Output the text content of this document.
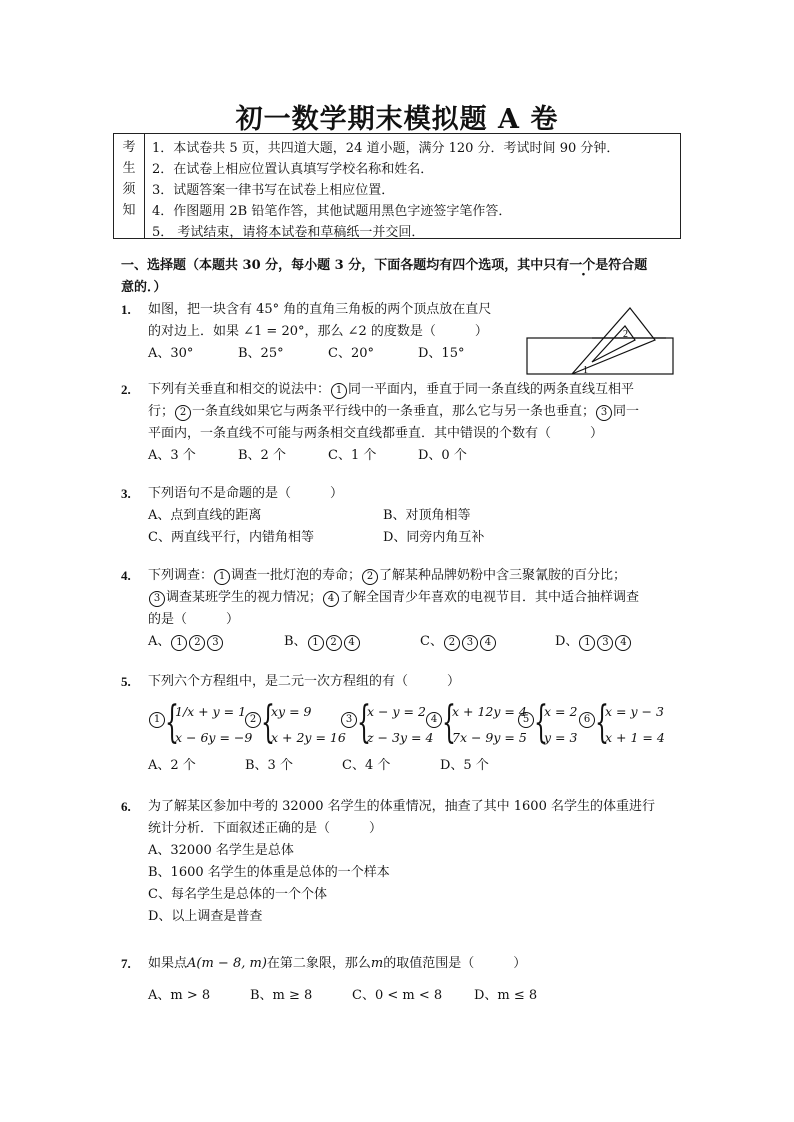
初一数学期末模拟题 A 卷
考
生
须
知
1．本试卷共 5 页，共四道大题，24 道小题，满分 120 分．考试时间 90 分钟．
2．在试卷上相应位置认真填写学校名称和姓名．
3．试题答案一律书写在试卷上相应位置．
4．作图题用 2B 铅笔作答，其他试题用黑色字迹签字笔作答．
5． 考试结束，请将本试卷和草稿纸一并交回．
一、选择题（本题共 30 分，每小题 3 分，下面各题均有四个选项，其中只有一个是符合题
意的．）
1. 如图，把一块含有 45° 角的直角三角板的两个顶点放在直尺
的对边上．如果 ∠1 = 20°，那么 ∠2 的度数是（　　　）
A、30°	B、25°	C、20°	D、15°
2
1
2. 下列有关垂直和相交的说法中： 1 同一平面内，垂直于同一条直线的两条直线互相平
行； 2 一条直线如果它与两条平行线中的一条垂直，那么它与另一条也垂直； 3 同一
平面内，一条直线不可能与两条相交直线都垂直．其中错误的个数有（　　　）
A、3 个	B、2 个	C、1 个	D、0 个
3. 下列语句不是命题的是（　　　）
A、点到直线的距离	B、对顶角相等
C、两直线平行，内错角相等	D、同旁内角互补
4. 下列调查： 1 调查一批灯泡的寿命； 2 了解某种品牌奶粉中含三聚氰胺的百分比；
3 调查某班学生的视力情况； 4 了解全国青少年喜欢的电视节目．其中适合抽样调查
的是（　　　）
A、 1 2 3	B、 1 2 4	C、 2 3 4	D、 1 3 4
5. 下列六个方程组中，是二元一次方程组的有（　　　）
1 {
1/x + y = 1
x − 6y = −9
2 {
xy = 9
x + 2y = 16
3 {
x − y = 2
z − 3y = 4
4 {
x + 12y = 4
7x − 9y = 5
5 {
x = 2
y = 3
6 {
x = y − 3
x + 1 = 4
A、2 个	B、3 个	C、4 个	D、5 个
6. 为了解某区参加中考的 32000 名学生的体重情况，抽查了其中 1600 名学生的体重进行
统计分析．下面叙述正确的是（　　　）
A、32000 名学生是总体
B、1600 名学生的体重是总体的一个样本
C、每名学生是总体的一个个体
D、以上调查是普查
7. 如果点A(m − 8, m)在第二象限，那么m的取值范围是（　　　）
A、m > 8	B、m ≥ 8	C、0 < m < 8 D、m ≤ 8
